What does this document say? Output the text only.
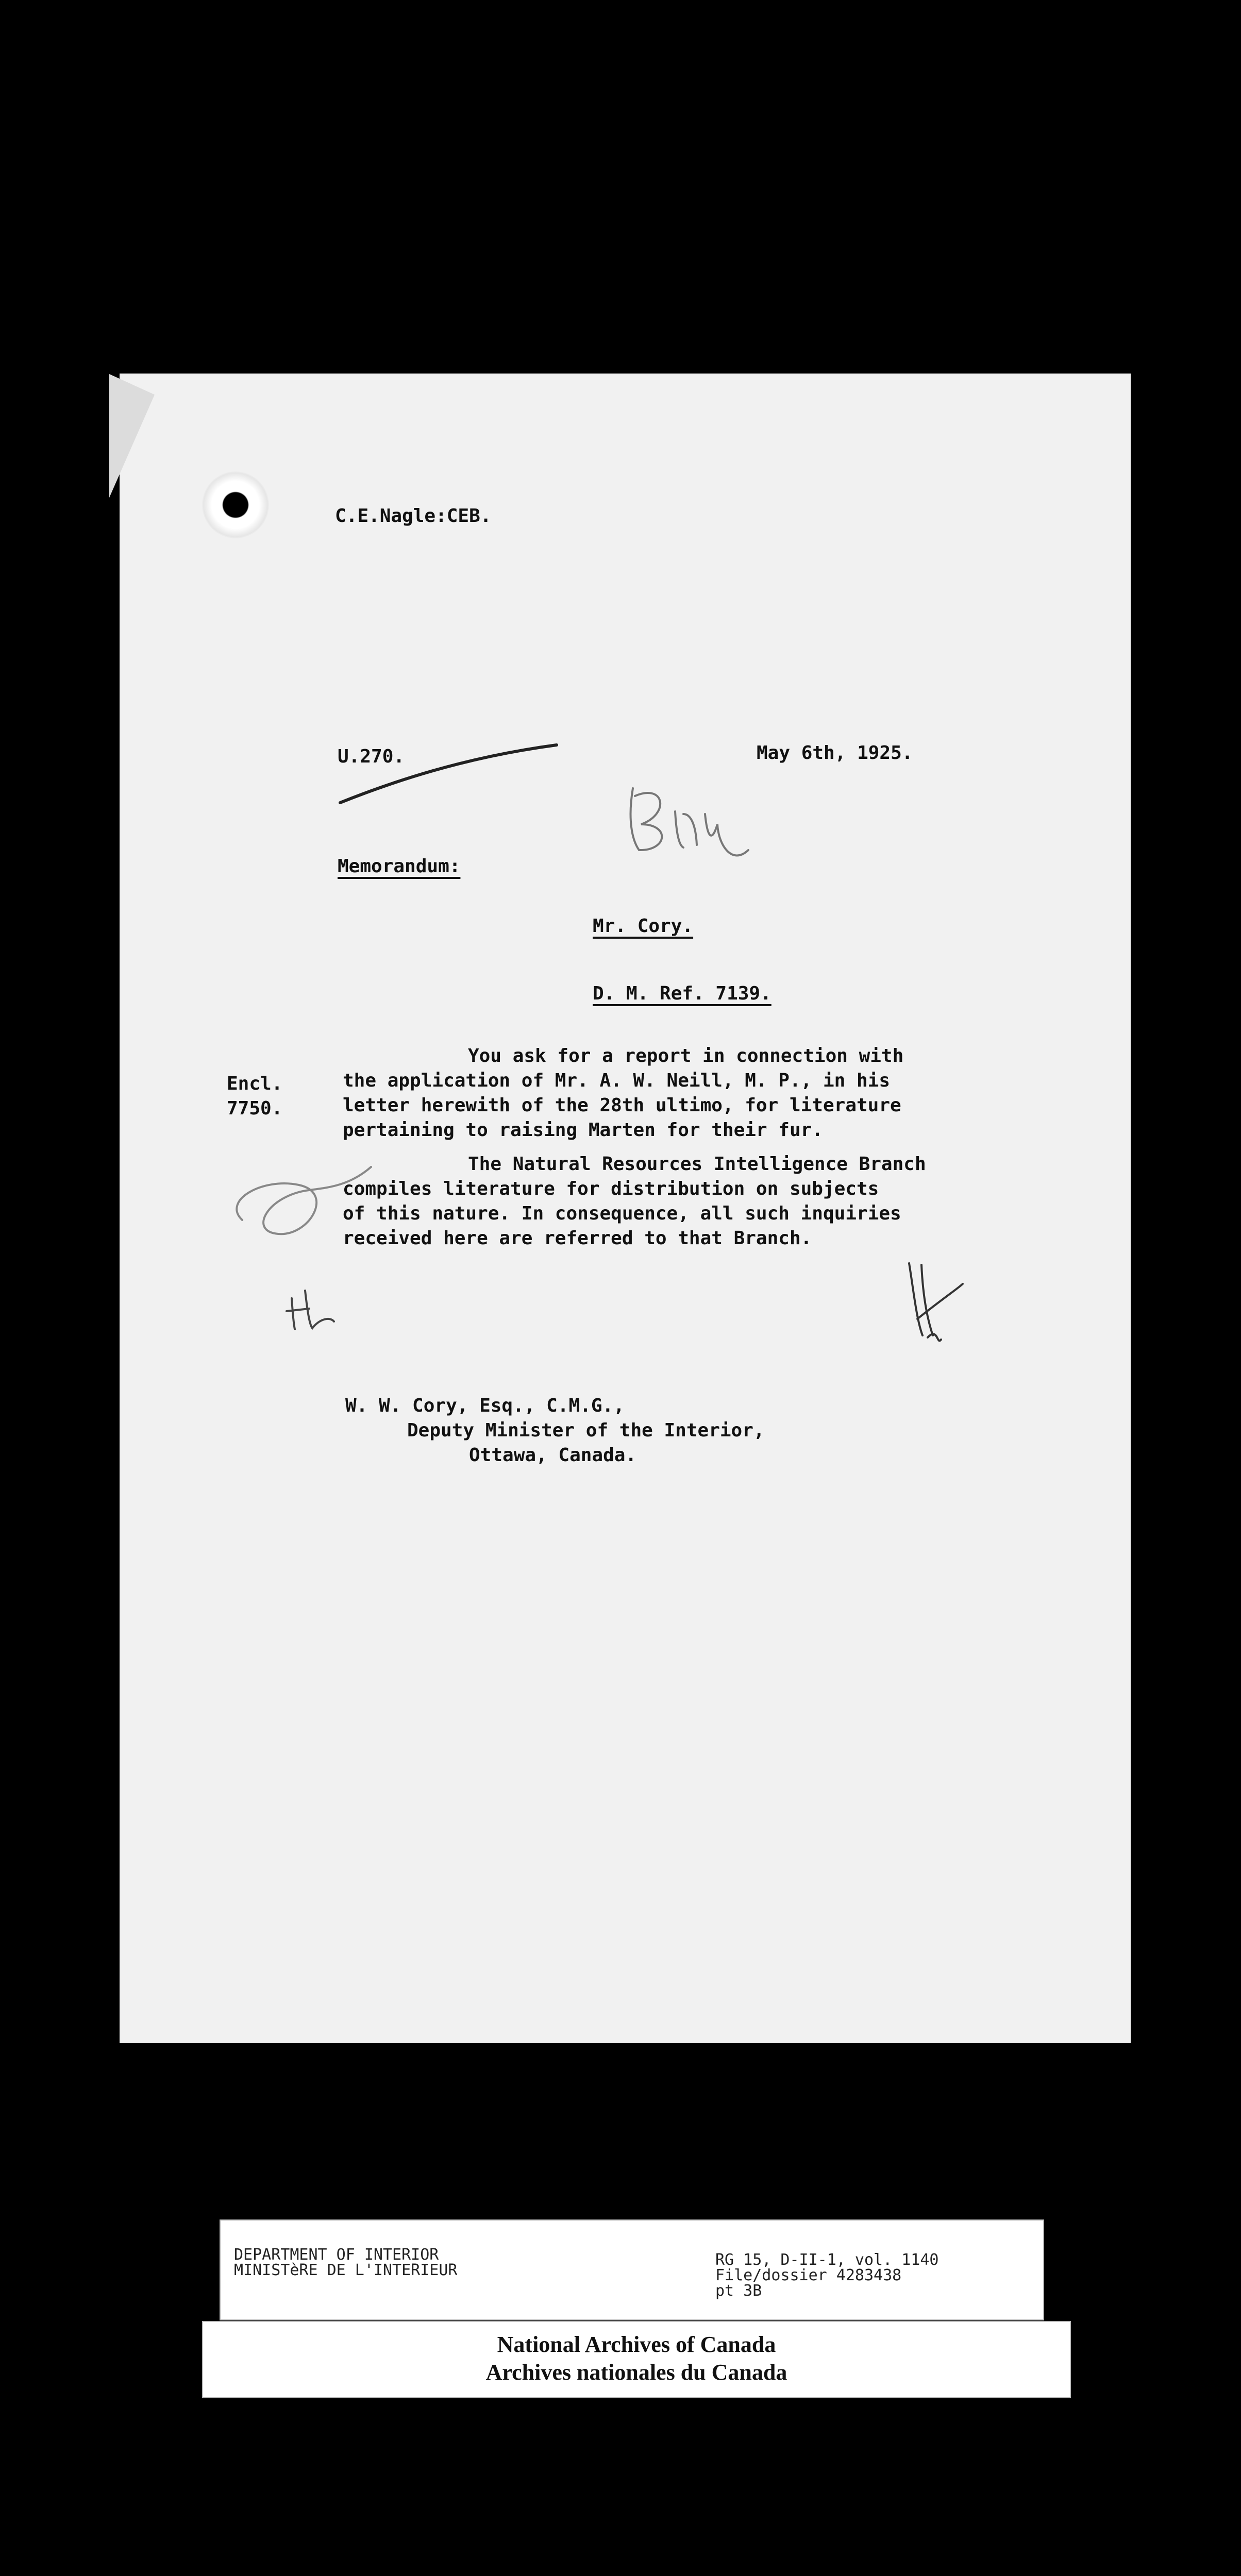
C.E.Nagle:CEB.
U.270.	May 6th, 1925.
Memorandum:
Mr. Cory.
D. M. Ref. 7139.
Encl.
7750.
You ask for a report in connection with
the application of Mr. A. W. Neill, M. P., in his
letter herewith of the 28th ultimo, for literature
pertaining to raising Marten for their fur.
The Natural Resources Intelligence Branch
compiles literature for distribution on subjects
of this nature. In consequence, all such inquiries
received here are referred to that Branch.
W. W. Cory, Esq., C.M.G.,
Deputy Minister of the Interior,
Ottawa, Canada.
DEPARTMENT OF INTERIOR
MINISTèRE DE L'INTERIEUR
RG 15, D-II-1, vol. 1140
File/dossier 4283438
pt 3B
National Archives of Canada
Archives nationales du Canada
